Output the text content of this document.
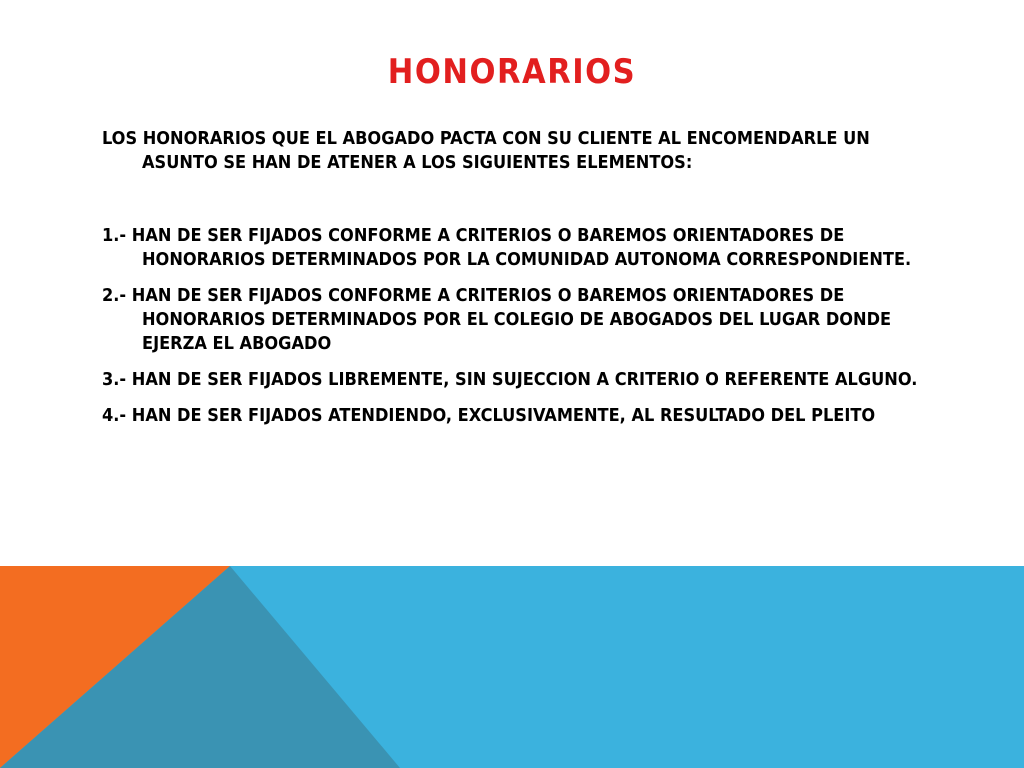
HONORARIOS

LOS HONORARIOS QUE EL ABOGADO PACTA CON SU CLIENTE AL ENCOMENDARLE UN ASUNTO SE HAN DE ATENER A LOS SIGUIENTES ELEMENTOS:

1.- HAN DE SER FIJADOS CONFORME A CRITERIOS O BAREMOS ORIENTADORES DE HONORARIOS DETERMINADOS POR LA COMUNIDAD AUTONOMA CORRESPONDIENTE.

2.- HAN DE SER FIJADOS CONFORME A CRITERIOS O BAREMOS ORIENTADORES DE HONORARIOS DETERMINADOS POR EL COLEGIO DE ABOGADOS DEL LUGAR DONDE EJERZA EL ABOGADO

3.- HAN DE SER FIJADOS LIBREMENTE, SIN SUJECCION A CRITERIO O REFERENTE ALGUNO.

4.- HAN DE SER FIJADOS ATENDIENDO, EXCLUSIVAMENTE, AL RESULTADO DEL PLEITO
